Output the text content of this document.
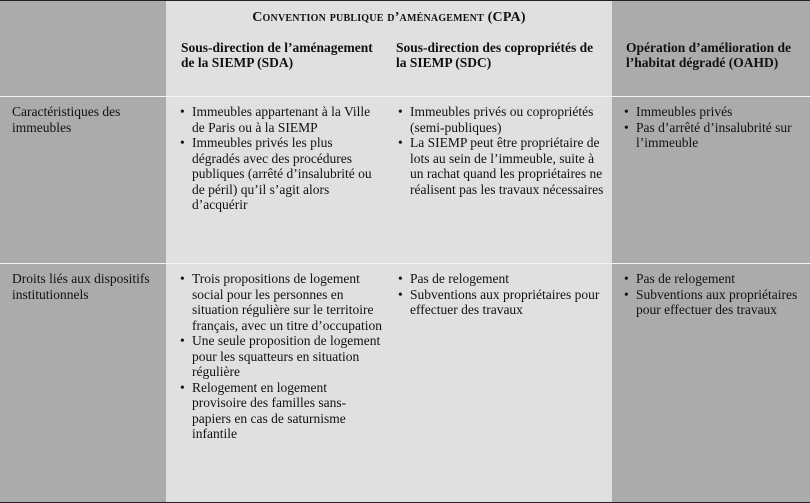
Convention publique d’aménagement (CPA)
Sous-direction de l’aménagement de la SIEMP (SDA)
Sous-direction des copropriétés de la SIEMP (SDC)
Opération d’amélioration de l’habitat dégradé (OAHD)
Caractéristiques des immeubles
Droits liés aux dispositifs institutionnels
• Immeubles appartenant à la Ville de Paris ou à la SIEMP
• Immeubles privés les plus dégradés avec des procédures publiques (arrêté d’insalubrité ou de péril) qu’il s’agit alors d’acquérir
• Immeubles privés ou copropriétés (semi-publiques)
• La SIEMP peut être propriétaire de lots au sein de l’immeuble, suite à un rachat quand les propriétaires ne réalisent pas les travaux nécessaires
• Immeubles privés
• Pas d’arrêté d’insalubrité sur l’immeuble
• Trois propositions de logement social pour les personnes en situation régulière sur le territoire français, avec un titre d’occupation
• Une seule proposition de logement pour les squatteurs en situation régulière
• Relogement en logement provisoire des familles sans-papiers en cas de saturnisme infantile
• Pas de relogement
• Subventions aux propriétaires pour effectuer des travaux
• Pas de relogement
• Subventions aux propriétaires pour effectuer des travaux
